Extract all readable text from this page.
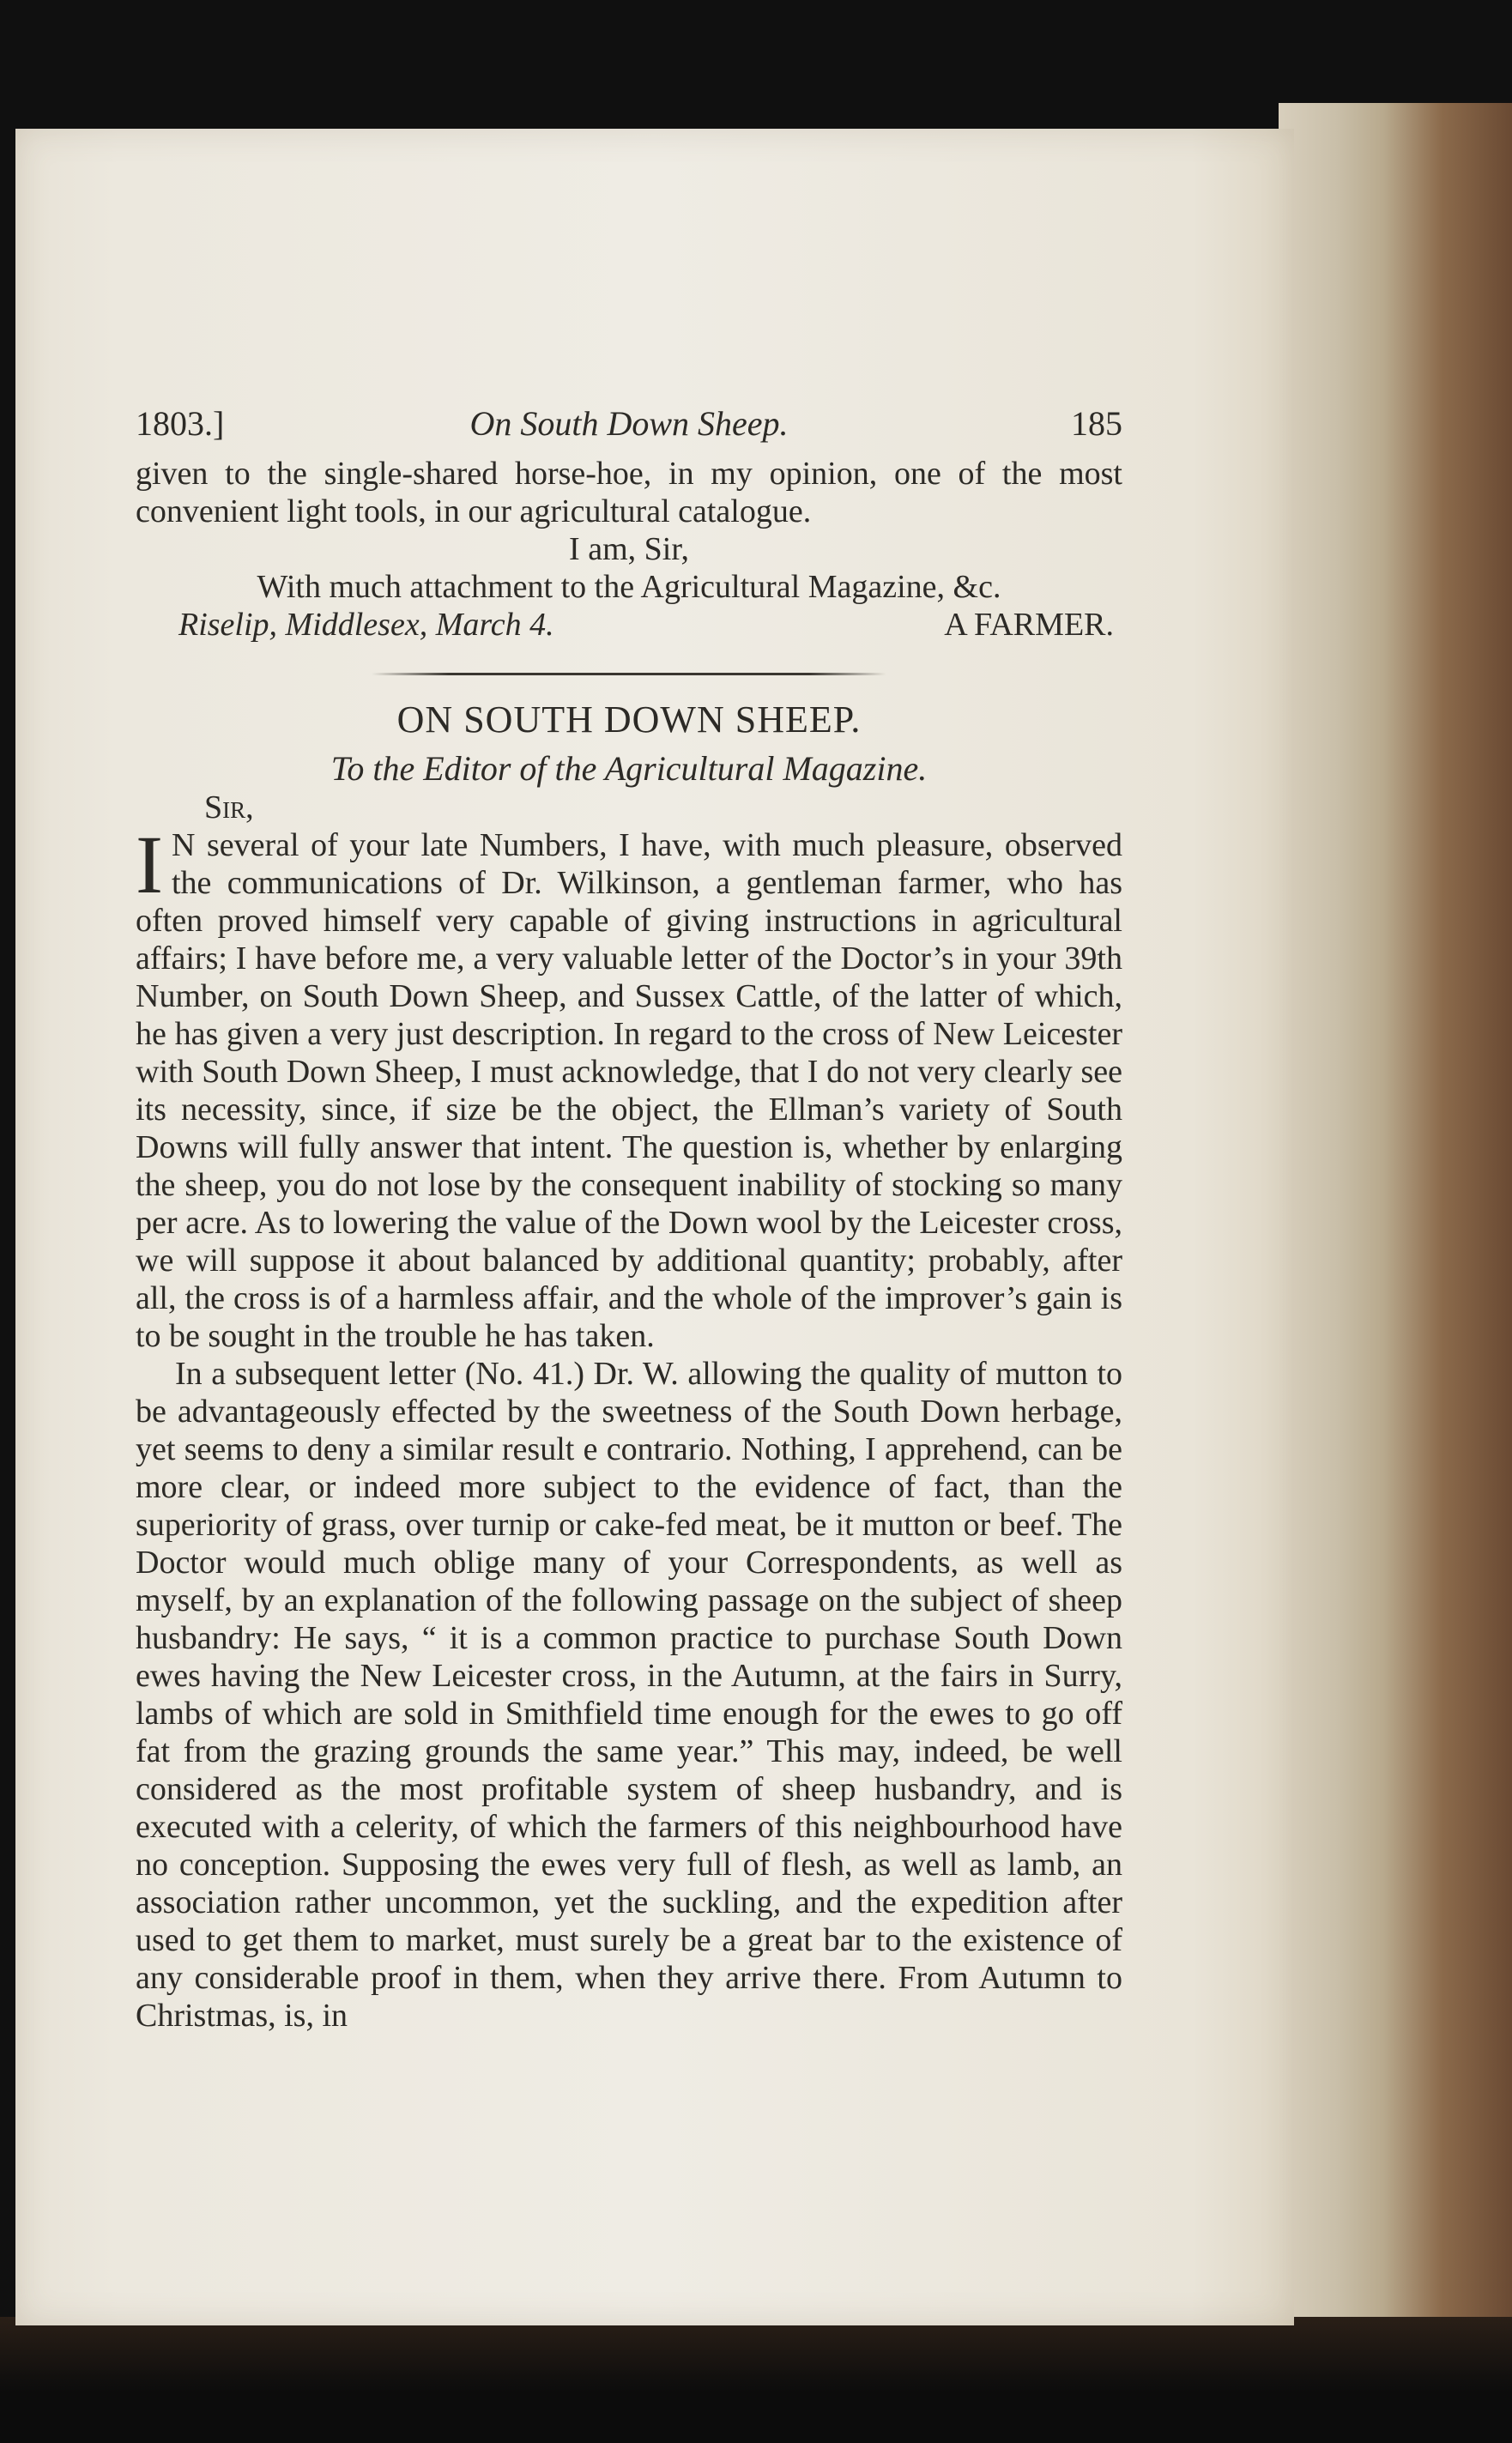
1803.]	On South Down Sheep.	185

given to the single-shared horse-hoe, in my opinion, one of the most convenient light tools, in our agricultural catalogue.

I am, Sir,

With much attachment to the Agricultural Magazine, &c.

Riselip, Middlesex, March 4.	A FARMER.
ON SOUTH DOWN SHEEP.
To the Editor of the Agricultural Magazine.
Sir,

I N several of your late Numbers, I have, with much pleasure, observed the communications of Dr. Wilkinson, a gentleman farmer, who has often proved himself very capable of giving instructions in agricultural affairs; I have before me, a very valuable letter of the Doctor’s in your 39th Number, on South Down Sheep, and Sussex Cattle, of the latter of which, he has given a very just description. In regard to the cross of New Leicester with South Down Sheep, I must acknowledge, that I do not very clearly see its necessity, since, if size be the object, the Ellman’s variety of South Downs will fully answer that intent. The question is, whether by enlarging the sheep, you do not lose by the consequent inability of stocking so many per acre. As to lowering the value of the Down wool by the Leicester cross, we will suppose it about balanced by additional quantity; probably, after all, the cross is of a harmless affair, and the whole of the improver’s gain is to be sought in the trouble he has taken.

In a subsequent letter (No. 41.) Dr. W. allowing the quality of mutton to be advantageously effected by the sweetness of the South Down herbage, yet seems to deny a similar result e contrario. Nothing, I apprehend, can be more clear, or indeed more subject to the evidence of fact, than the superiority of grass, over turnip or cake-fed meat, be it mutton or beef. The Doctor would much oblige many of your Correspondents, as well as myself, by an explanation of the following passage on the subject of sheep husbandry: He says, “ it is a common practice to purchase South Down ewes having the New Leicester cross, in the Autumn, at the fairs in Surry, lambs of which are sold in Smithfield time enough for the ewes to go off fat from the grazing grounds the same year.” This may, indeed, be well considered as the most profitable system of sheep husbandry, and is executed with a celerity, of which the farmers of this neighbourhood have no conception. Supposing the ewes very full of flesh, as well as lamb, an association rather uncommon, yet the suckling, and the expedition after used to get them to market, must surely be a great bar to the existence of any considerable proof in them, when they arrive there. From Autumn to Christmas, is, in
